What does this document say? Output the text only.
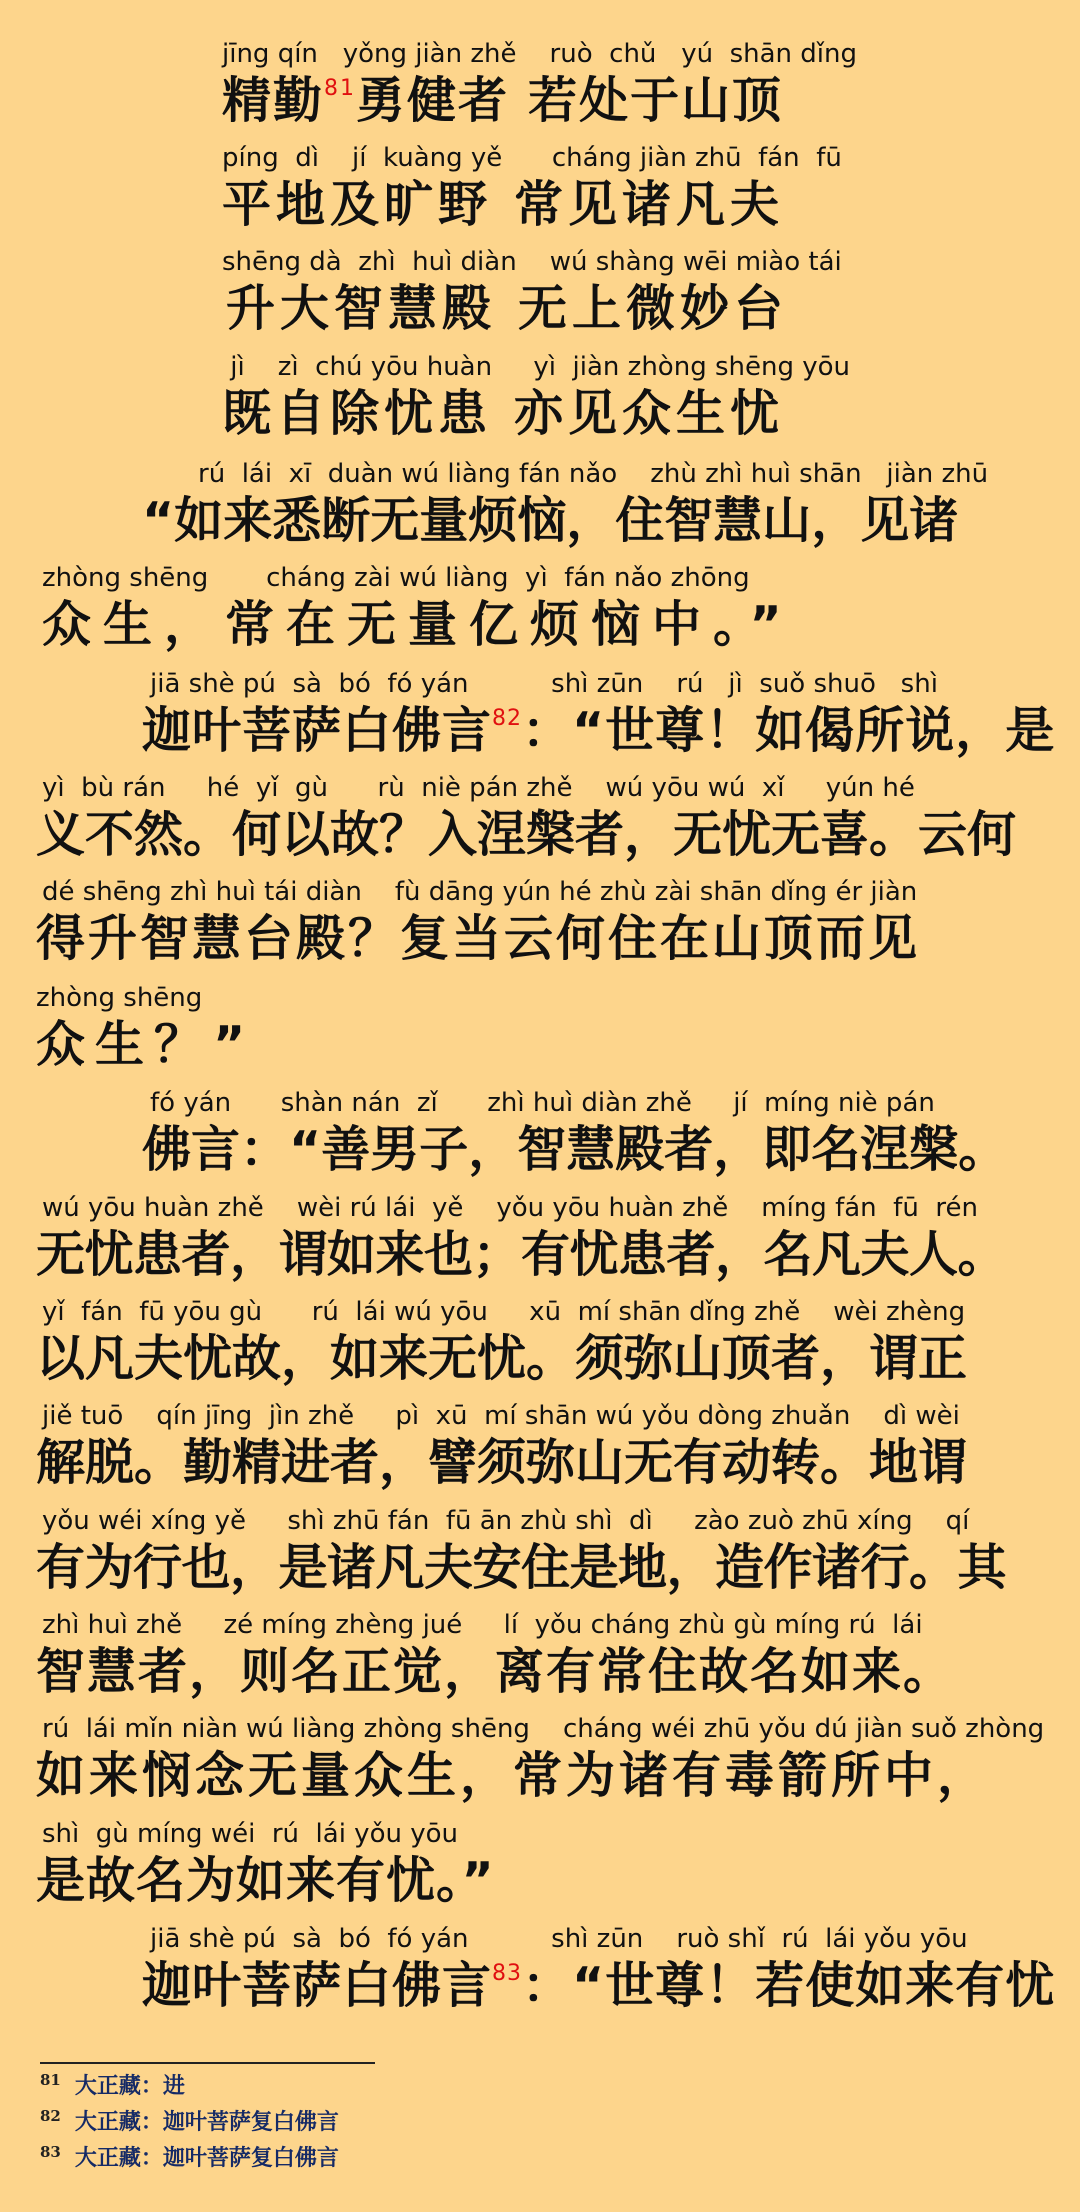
jīng qín   yǒng jiàn zhě    ruò  chǔ   yú  shān dǐng
精勤$^{81}$勇健者 若处于山顶
píng  dì    jí  kuàng yě      cháng jiàn zhū  fán  fū
平地及旷野 常见诸凡夫
shēng dà  zhì  huì diàn    wú shàng wēi miào tái
升大智慧殿 无上微妙台
jì    zì  chú yōu huàn     yì  jiàn zhòng shēng yōu
既自除忧患 亦见众生忧
rú  lái  xī  duàn wú liàng fán nǎo    zhù zhì huì shān   jiàn zhū
“如来悉断无量烦恼，住智慧山，见诸
zhòng shēng       cháng zài wú liàng  yì  fán nǎo zhōng
众生，常在无量亿烦恼中。”
jiā shè pú  sà  bó  fó yán          shì zūn    rú   jì  suǒ shuō   shì
迦叶菩萨白佛言$^{82}$：“世尊！如偈所说，是
yì  bù rán     hé  yǐ  gù      rù  niè pán zhě    wú yōu wú  xǐ     yún hé
义不然。何以故？入涅槃者，无忧无喜。云何
dé shēng zhì huì tái diàn    fù dāng yún hé zhù zài shān dǐng ér jiàn
得升智慧台殿？复当云何住在山顶而见
zhòng shēng
众生？”
fó yán      shàn nán  zǐ      zhì huì diàn zhě     jí  míng niè pán
佛言：“善男子，智慧殿者，即名涅槃。
wú yōu huàn zhě    wèi rú lái  yě    yǒu yōu huàn zhě    míng fán  fū  rén
无忧患者，谓如来也；有忧患者，名凡夫人。
yǐ  fán  fū yōu gù      rú  lái wú yōu     xū  mí shān dǐng zhě    wèi zhèng
以凡夫忧故，如来无忧。须弥山顶者，谓正
jiě tuō    qín jīng  jìn zhě     pì  xū  mí shān wú yǒu dòng zhuǎn    dì wèi
解脱。勤精进者，譬须弥山无有动转。地谓
yǒu wéi xíng yě     shì zhū fán  fū ān zhù shì  dì     zào zuò zhū xíng    qí
有为行也，是诸凡夫安住是地，造作诸行。其
zhì huì zhě     zé míng zhèng jué     lí  yǒu cháng zhù gù míng rú  lái
智慧者，则名正觉，离有常住故名如来。
rú  lái mǐn niàn wú liàng zhòng shēng    cháng wéi zhū yǒu dú jiàn suǒ zhòng
如来悯念无量众生，常为诸有毒箭所中，
shì  gù míng wéi  rú  lái yǒu yōu
是故名为如来有忧。”
jiā shè pú  sà  bó  fó yán          shì zūn    ruò shǐ  rú  lái yǒu yōu
迦叶菩萨白佛言$^{83}$：“世尊！若使如来有忧
$^{81}$ 大正藏：进
$^{82}$ 大正藏：迦叶菩萨复白佛言
$^{83}$ 大正藏：迦叶菩萨复白佛言
